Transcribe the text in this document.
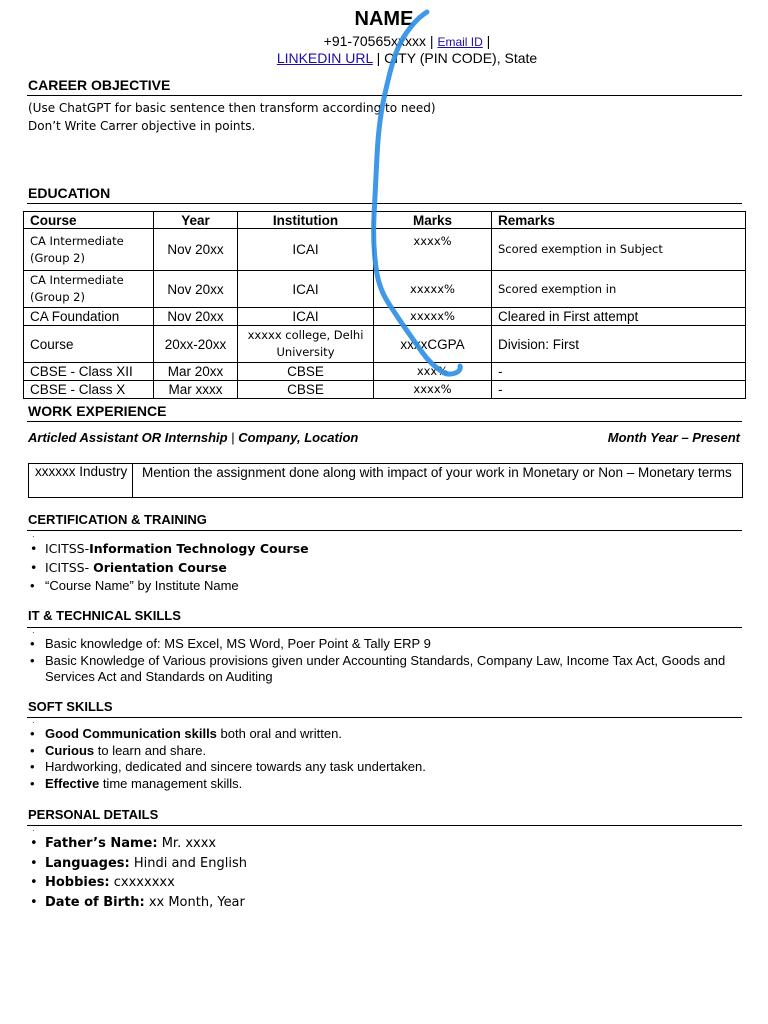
NAME
+91-70565xxxxx | Email ID |
LINKEDIN URL | CITY (PIN CODE), State
CAREER OBJECTIVE
(Use ChatGPT for basic sentence then transform according to need)
Don’t Write Carrer objective in points.
EDUCATION
Course	Year	Institution	Marks	Remarks
CA Intermediate (Group 2)	Nov 20xx	ICAI	xxxx%	Scored exemption in Subject
CA Intermediate (Group 2)	Nov 20xx	ICAI	xxxxx%	Scored exemption in
CA Foundation	Nov 20xx	ICAI	xxxxx%	Cleared in First attempt
Course	20xx-20xx	xxxxx college, Delhi University	xxxxCGPA	Division: First
CBSE - Class XII	Mar 20xx	CBSE	xxx%	-
CBSE - Class X	Mar xxxx	CBSE	xxxx%	-
WORK EXPERIENCE
Articled Assistant OR Internship | Company, Location	Month Year – Present
xxxxxx Industry	Mention the assignment done along with impact of your work in Monetary or Non – Monetary terms
CERTIFICATION & TRAINING
·
• ICITSS-Information Technology Course
• ICITSS- Orientation Course
• “Course Name” by Institute Name
IT & TECHNICAL SKILLS
·
• Basic knowledge of: MS Excel, MS Word, Poer Point & Tally ERP 9
• Basic Knowledge of Various provisions given under Accounting Standards, Company Law, Income Tax Act, Goods and Services Act and Standards on Auditing
SOFT SKILLS
·
• Good Communication skills both oral and written.
• Curious to learn and share.
• Hardworking, dedicated and sincere towards any task undertaken.
• Effective time management skills.
PERSONAL DETAILS
·
• Father’s Name: Mr. xxxx
• Languages: Hindi and English
• Hobbies: cxxxxxxx
• Date of Birth: xx Month, Year
